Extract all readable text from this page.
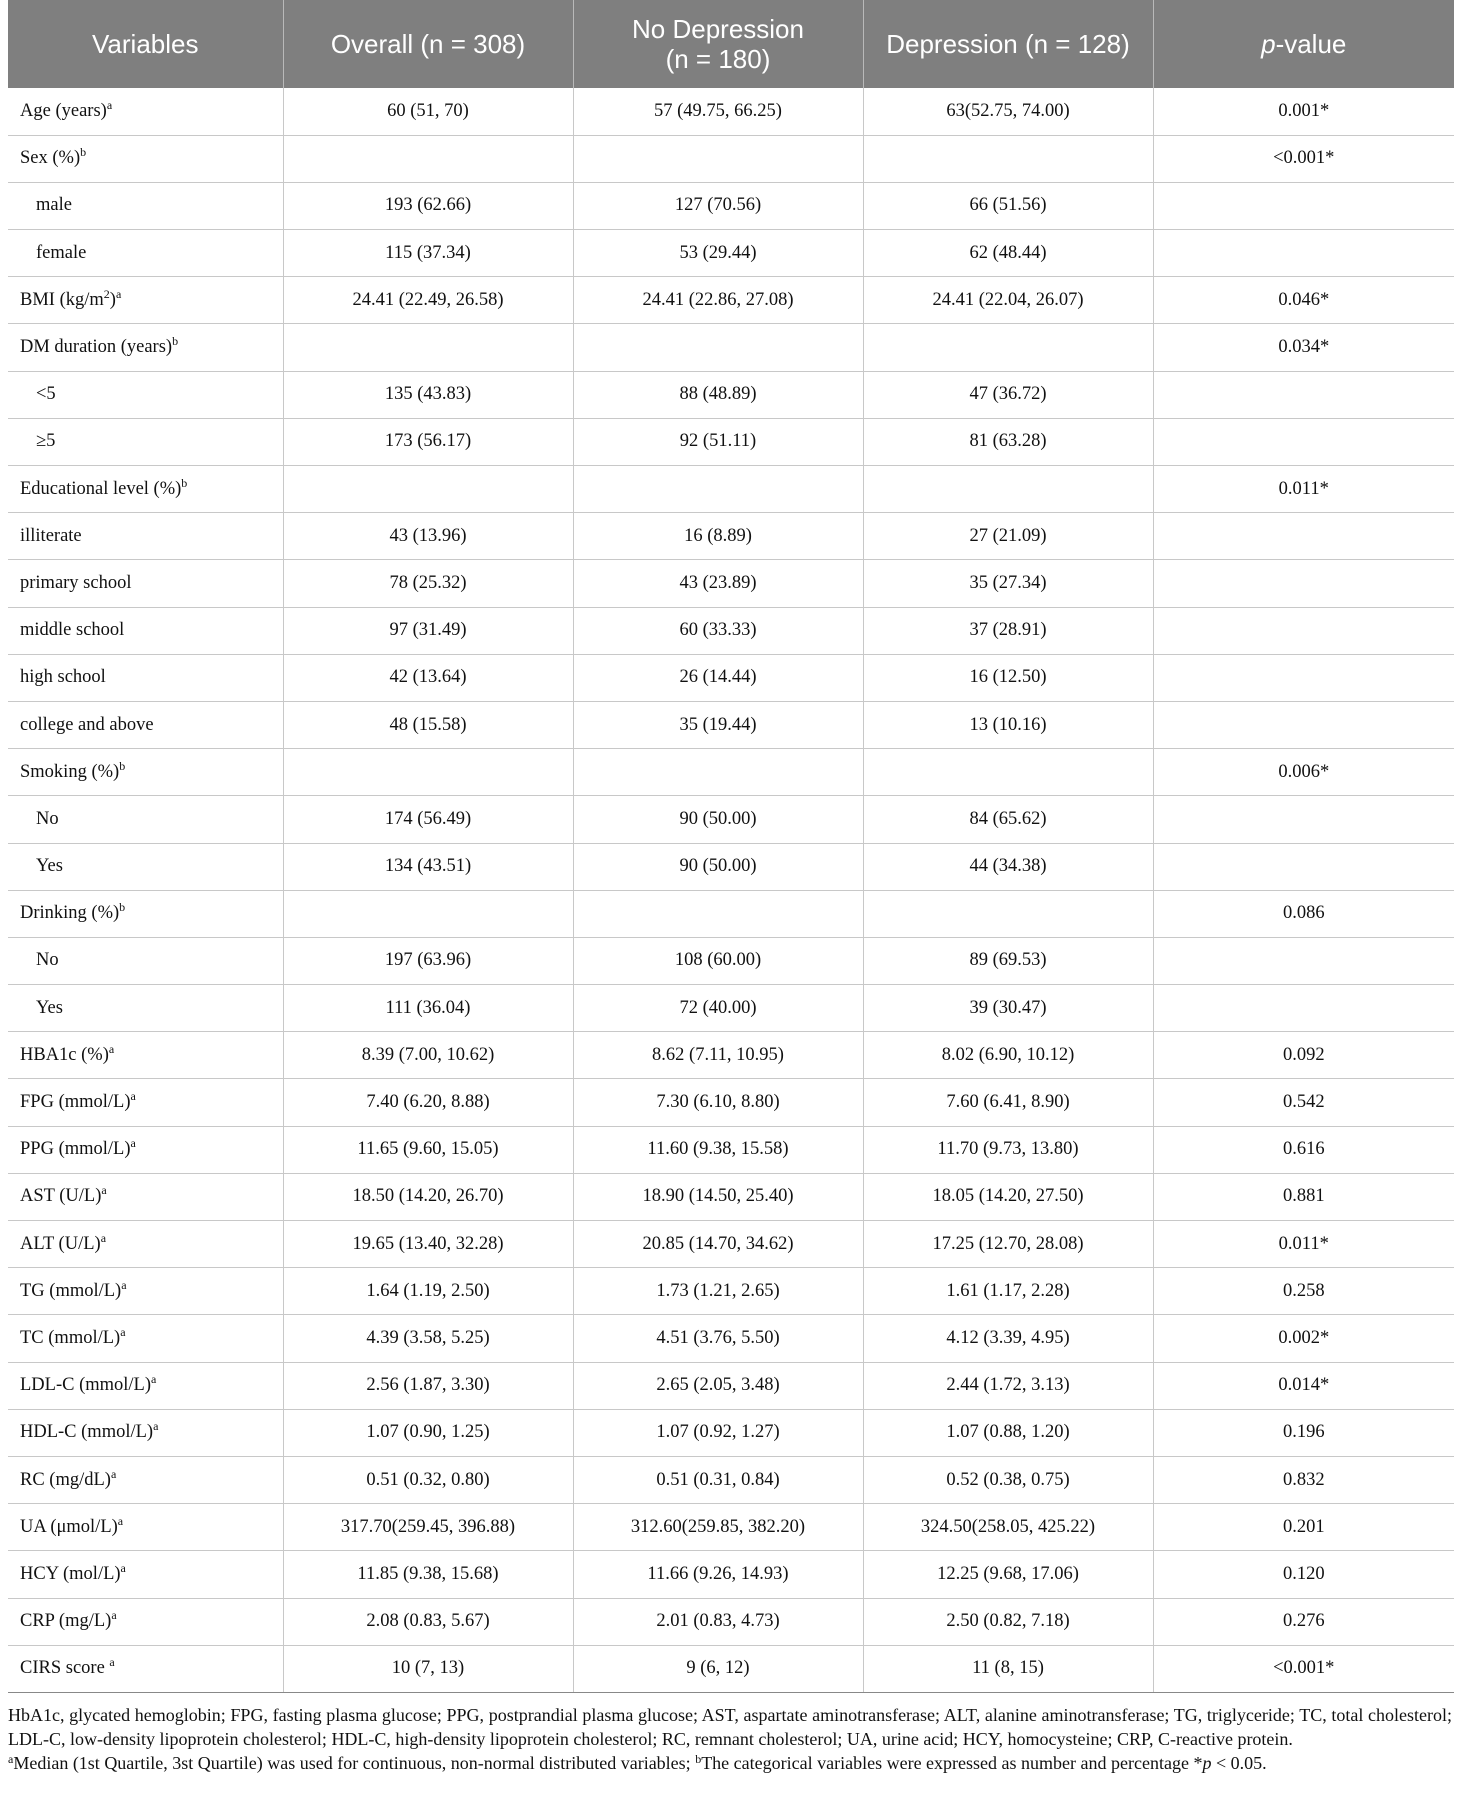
Variables	Overall (n = 308)	No Depression
(n = 180)	Depression (n = 128)	p-value
Age (years)$^a$	60 (51, 70)	57 (49.75, 66.25)	63(52.75, 74.00)	0.001*
Sex (%)$^b$				<0.001*
male	193 (62.66)	127 (70.56)	66 (51.56)	
female	115 (37.34)	53 (29.44)	62 (48.44)	
BMI $(kg/m^2)^a$	24.41 (22.49, 26.58)	24.41 (22.86, 27.08)	24.41 (22.04, 26.07)	0.046*
DM duration (years)$^b$				0.034*
<5	135 (43.83)	88 (48.89)	47 (36.72)	
≥5	173 (56.17)	92 (51.11)	81 (63.28)	
Educational level (%)$^b$				0.011*
illiterate	43 (13.96)	16 (8.89)	27 (21.09)	
primary school	78 (25.32)	43 (23.89)	35 (27.34)	
middle school	97 (31.49)	60 (33.33)	37 (28.91)	
high school	42 (13.64)	26 (14.44)	16 (12.50)	
college and above	48 (15.58)	35 (19.44)	13 (10.16)	
Smoking (%)$^b$				0.006*
No	174 (56.49)	90 (50.00)	84 (65.62)	
Yes	134 (43.51)	90 (50.00)	44 (34.38)	
Drinking (%)$^b$				0.086
No	197 (63.96)	108 (60.00)	89 (69.53)	
Yes	111 (36.04)	72 (40.00)	39 (30.47)	
HBA1c (%)$^a$	8.39 (7.00, 10.62)	8.62 (7.11, 10.95)	8.02 (6.90, 10.12)	0.092
FPG (mmol/L)$^a$	7.40 (6.20, 8.88)	7.30 (6.10, 8.80)	7.60 (6.41, 8.90)	0.542
PPG (mmol/L)$^a$	11.65 (9.60, 15.05)	11.60 (9.38, 15.58)	11.70 (9.73, 13.80)	0.616
AST $(U/L)^a$	18.50 (14.20, 26.70)	18.90 (14.50, 25.40)	18.05 (14.20, 27.50)	0.881
ALT $(U/L)^a$	19.65 (13.40, 32.28)	20.85 (14.70, 34.62)	17.25 (12.70, 28.08)	0.011*
TG (mmol/L)$^a$	1.64 (1.19, 2.50)	1.73 (1.21, 2.65)	1.61 (1.17, 2.28)	0.258
TC (mmol/L)$^a$	4.39 (3.58, 5.25)	4.51 (3.76, 5.50)	4.12 (3.39, 4.95)	0.002*
LDL-C (mmol/L)$^a$	2.56 (1.87, 3.30)	2.65 (2.05, 3.48)	2.44 (1.72, 3.13)	0.014*
HDL-C (mmol/L)$^a$	1.07 (0.90, 1.25)	1.07 (0.92, 1.27)	1.07 (0.88, 1.20)	0.196
RC $(mg/dL)^a$	0.51 (0.32, 0.80)	0.51 (0.31, 0.84)	0.52 (0.38, 0.75)	0.832
UA $(\mu mol/L)^a$	317.70(259.45, 396.88)	312.60(259.85, 382.20)	324.50(258.05, 425.22)	0.201
HCY $(mol/L)^a$	11.85 (9.38, 15.68)	11.66 (9.26, 14.93)	12.25 (9.68, 17.06)	0.120
CRP $(mg/L)^a$	2.08 (0.83, 5.67)	2.01 (0.83, 4.73)	2.50 (0.82, 7.18)	0.276
CIRS score $^a$	10 (7, 13)	9 (6, 12)	11 (8, 15)	<0.001*
HbA1c, glycated hemoglobin; FPG, fasting plasma glucose; PPG, postprandial plasma glucose; AST, aspartate aminotransferase; ALT, alanine aminotransferase; TG, triglyceride; TC, total cholesterol; LDL-C, low-density lipoprotein cholesterol; HDL-C, high-density lipoprotein cholesterol; RC, remnant cholesterol; UA, urine acid; HCY, homocysteine; CRP, C-reactive protein.
$^a$Median (1st Quartile, 3st Quartile) was used for continuous, non-normal distributed variables; $^b$The categorical variables were expressed as number and percentage *p < 0.05.
